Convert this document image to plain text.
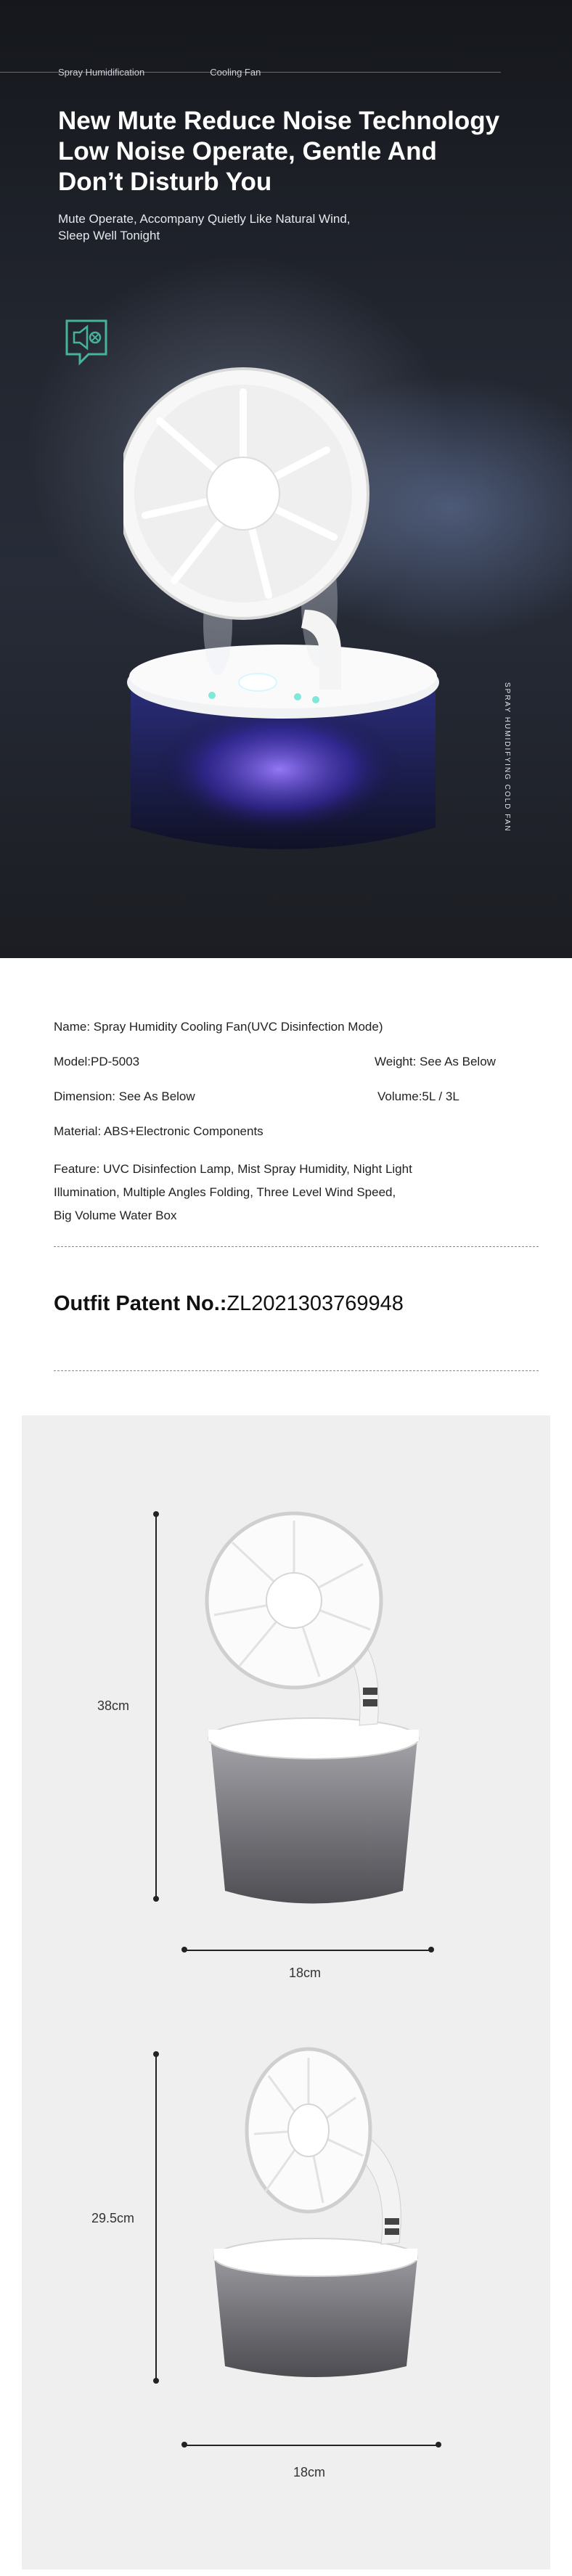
Spray Humidification	Cooling Fan
New Mute Reduce Noise Technology
Low Noise Operate, Gentle And
Don’t Disturb You
Mute Operate, Accompany Quietly Like Natural Wind,
Sleep Well Tonight
SPRAY HUMIDIFYING COLD FAN
Name: Spray Humidity Cooling Fan(UVC Disinfection Mode)
Model:PD-5003	Weight: See As Below
Dimension: See As Below	Volume:5L / 3L
Material: ABS+Electronic Components
Feature: UVC Disinfection Lamp, Mist Spray Humidity, Night Light
Illumination, Multiple Angles Folding, Three Level Wind Speed,
Big Volume Water Box
Outfit Patent No.:ZL2021303769948
38cm
18cm
29.5cm
18cm
